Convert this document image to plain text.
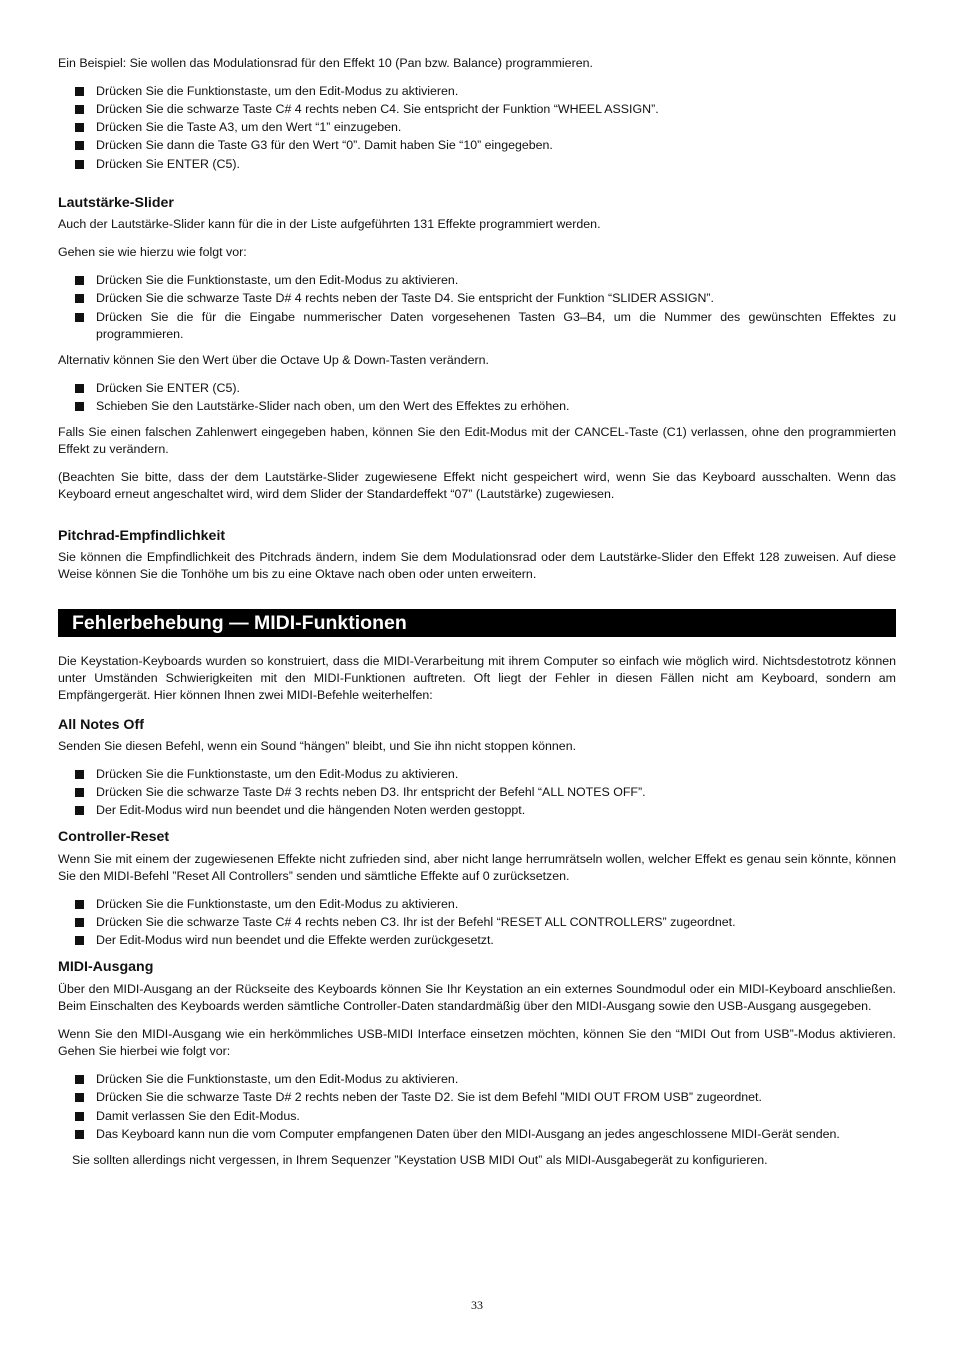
Ein Beispiel: Sie wollen das Modulationsrad für den Effekt 10 (Pan bzw. Balance) programmieren.

Drücken Sie die Funktionstaste, um den Edit-Modus zu aktivieren.
Drücken Sie die schwarze Taste C# 4 rechts neben C4. Sie entspricht der Funktion “WHEEL ASSIGN”.
Drücken Sie die Taste A3, um den Wert “1” einzugeben.
Drücken Sie dann die Taste G3 für den Wert “0”. Damit haben Sie “10” eingegeben.
Drücken Sie ENTER (C5).
Lautstärke-Slider

Auch der Lautstärke-Slider kann für die in der Liste aufgeführten 131 Effekte programmiert werden.

Gehen sie wie hierzu wie folgt vor:

Drücken Sie die Funktionstaste, um den Edit-Modus zu aktivieren.
Drücken Sie die schwarze Taste D# 4 rechts neben der Taste D4. Sie entspricht der Funktion “SLIDER ASSIGN”.
Drücken Sie die für die Eingabe nummerischer Daten vorgesehenen Tasten G3–B4, um die Nummer des gewünschten Effektes zu programmieren.

Alternativ können Sie den Wert über die Octave Up & Down-Tasten verändern.

Drücken Sie ENTER (C5).
Schieben Sie den Lautstärke-Slider nach oben, um den Wert des Effektes zu erhöhen.

Falls Sie einen falschen Zahlenwert eingegeben haben, können Sie den Edit-Modus mit der CANCEL-Taste (C1) verlassen, ohne den programmierten Effekt zu verändern.

(Beachten Sie bitte, dass der dem Lautstärke-Slider zugewiesene Effekt nicht gespeichert wird, wenn Sie das Keyboard ausschalten. Wenn das Keyboard erneut angeschaltet wird, wird dem Slider der Standardeffekt “07” (Lautstärke) zugewiesen.

Pitchrad-Empfindlichkeit

Sie können die Empfindlichkeit des Pitchrads ändern, indem Sie dem Modulationsrad oder dem Lautstärke-Slider den Effekt 128 zuweisen. Auf diese Weise können Sie die Tonhöhe um bis zu eine Oktave nach oben oder unten erweitern.

Fehlerbehebung — MIDI-Funktionen

Die Keystation-Keyboards wurden so konstruiert, dass die MIDI-Verarbeitung mit ihrem Computer so einfach wie möglich wird. Nichtsdestotrotz können unter Umständen Schwierigkeiten mit den MIDI-Funktionen auftreten. Oft liegt der Fehler in diesen Fällen nicht am Keyboard, sondern am Empfängergerät. Hier können Ihnen zwei MIDI-Befehle weiterhelfen:

All Notes Off

Senden Sie diesen Befehl, wenn ein Sound “hängen” bleibt, und Sie ihn nicht stoppen können.

Drücken Sie die Funktionstaste, um den Edit-Modus zu aktivieren.
Drücken Sie die schwarze Taste D# 3 rechts neben D3. Ihr entspricht der Befehl “ALL NOTES OFF”.
Der Edit-Modus wird nun beendet und die hängenden Noten werden gestoppt.
Controller-Reset

Wenn Sie mit einem der zugewiesenen Effekte nicht zufrieden sind, aber nicht lange herrumrätseln wollen, welcher Effekt es genau sein könnte, können Sie den MIDI-Befehl ”Reset All Controllers” senden und sämtliche Effekte auf 0 zurücksetzen.

Drücken Sie die Funktionstaste, um den Edit-Modus zu aktivieren.
Drücken Sie die schwarze Taste C# 4 rechts neben C3. Ihr ist der Befehl “RESET ALL CONTROLLERS” zugeordnet.
Der Edit-Modus wird nun beendet und die Effekte werden zurückgesetzt.
MIDI-Ausgang

Über den MIDI-Ausgang an der Rückseite des Keyboards können Sie Ihr Keystation an ein externes Soundmodul oder ein MIDI-Keyboard anschließen. Beim Einschalten des Keyboards werden sämtliche Controller-Daten standardmäßig über den MIDI-Ausgang sowie den USB-Ausgang ausgegeben.

Wenn Sie den MIDI-Ausgang wie ein herkömmliches USB-MIDI Interface einsetzen möchten, können Sie den “MIDI Out from USB”-Modus aktivieren. Gehen Sie hierbei wie folgt vor:

Drücken Sie die Funktionstaste, um den Edit-Modus zu aktivieren.
Drücken Sie die schwarze Taste D# 2 rechts neben der Taste D2. Sie ist dem Befehl ”MIDI OUT FROM USB” zugeordnet.
Damit verlassen Sie den Edit-Modus.
Das Keyboard kann nun die vom Computer empfangenen Daten über den MIDI-Ausgang an jedes angeschlossene MIDI-Gerät senden.

Sie sollten allerdings nicht vergessen, in Ihrem Sequenzer ”Keystation USB MIDI Out” als MIDI-Ausgabegerät zu konfigurieren.

33
